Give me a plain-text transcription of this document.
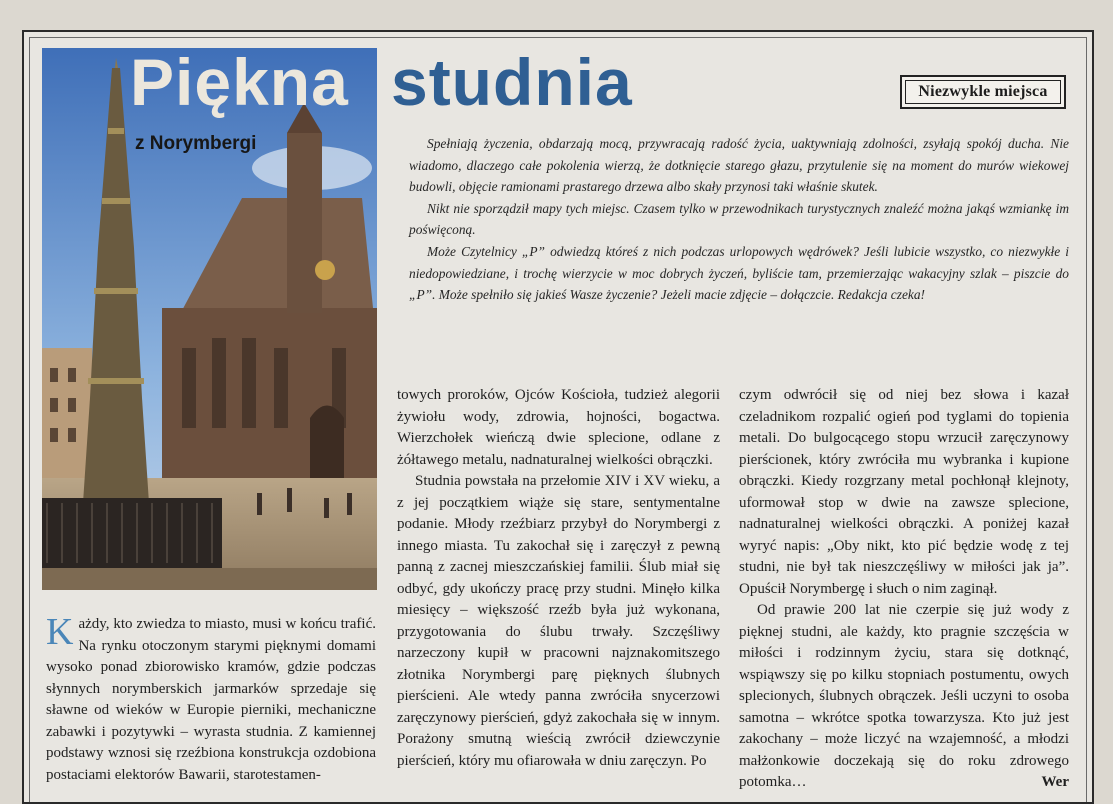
Piękna studnia
z Norymbergi
Niezwykle miejsca

Spełniają życzenia, obdarzają mocą, przywracają radość życia, uaktywniają zdolności, zsyłają spokój ducha. Nie wiadomo, dlaczego całe pokolenia wierzą, że dotknięcie starego głazu, przytulenie się na moment do murów wiekowej budowli, objęcie ramionami prastarego drzewa albo skały przynosi taki właśnie skutek.

Nikt nie sporządził mapy tych miejsc. Czasem tylko w przewodnikach turystycznych znaleźć można jakąś wzmiankę im poświęconą.

Może Czytelnicy „P” odwiedzą któreś z nich podczas urlopowych wędrówek? Jeśli lubicie wszystko, co niezwykłe i niedopowiedziane, i trochę wierzycie w moc dobrych życzeń, byliście tam, przemierzając wakacyjny szlak – piszcie do „P”. Może spełniło się jakieś Wasze życzenie? Jeżeli macie zdjęcie – dołączcie. Redakcja czeka!

Każdy, kto zwiedza to miasto, musi w końcu trafić. Na rynku otoczonym starymi pięknymi domami wysoko ponad zbiorowisko kramów, gdzie podczas słynnych norymberskich jarmarków sprzedaje się sławne od wieków w Europie pierniki, mechaniczne zabawki i pozytywki – wyrasta studnia. Z kamiennej podstawy wznosi się rzeźbiona konstrukcja ozdobiona postaciami elektorów Bawarii, starotestamen-

towych proroków, Ojców Kościoła, tudzież alegorii żywiołu wody, zdrowia, hojności, bogactwa. Wierzchołek wieńczą dwie splecione, odlane z żółtawego metalu, nadnaturalnej wielkości obrączki.

Studnia powstała na przełomie XIV i XV wieku, a z jej początkiem wiąże się stare, sentymentalne podanie. Młody rzeźbiarz przybył do Norymbergi z innego miasta. Tu zakochał się i zaręczył z pewną panną z zacnej mieszczańskiej familii. Ślub miał się odbyć, gdy ukończy pracę przy studni. Minęło kilka miesięcy – większość rzeźb była już wykonana, przygotowania do ślubu trwały. Szczęśliwy narzeczony kupił w pracowni najznakomitszego złotnika Norymbergi parę pięknych ślubnych pierścieni. Ale wtedy panna zwróciła snycerzowi zaręczynowy pierścień, gdyż zakochała się w innym. Porażony smutną wieścią zwrócił dziewczynie pierścień, który mu ofiarowała w dniu zaręczyn. Po

czym odwrócił się od niej bez słowa i kazał czeladnikom rozpalić ogień pod tyglami do topienia metali. Do bulgocącego stopu wrzucił zaręczynowy pierścionek, który zwróciła mu wybranka i kupione obrączki. Kiedy rozgrzany metal pochłonął klejnoty, uformował stop w dwie na zawsze splecione, nadnaturalnej wielkości obrączki. A poniżej kazał wyryć napis: „Oby nikt, kto pić będzie wodę z tej studni, nie był tak nieszczęśliwy w miłości jak ja”. Opuścił Norymbergę i słuch o nim zaginął.

Od prawie 200 lat nie czerpie się już wody z pięknej studni, ale każdy, kto pragnie szczęścia w miłości i rodzinnym życiu, stara się dotknąć, wspiąwszy się po kilku stopniach postumentu, owych splecionych, ślubnych obrączek. Jeśli uczyni to osoba samotna – wkrótce spotka towarzysza. Kto już jest zakochany – może liczyć na wzajemność, a młodzi małżonkowie doczekają się do roku zdrowego potomka…	Wer
